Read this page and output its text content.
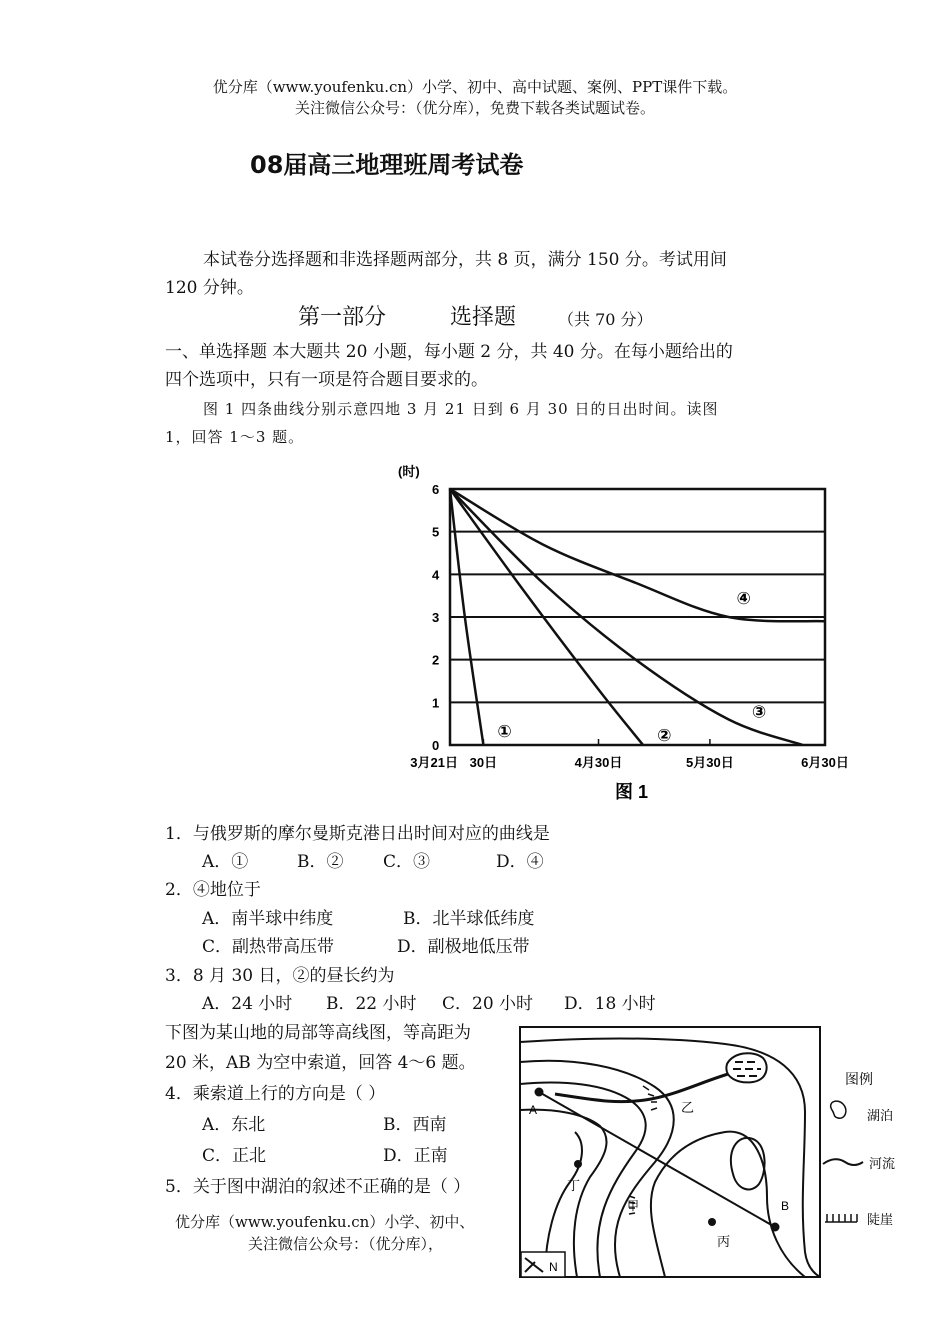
优分库（www.youfenku.cn）小学、初中、高中试题、案例、PPT课件下载。
关注微信公众号：（优分库），免费下载各类试题试卷。
08届高三地理班周考试卷
本试卷分选择题和非选择题两部分，共 8 页，满分 150 分。考试用间
120 分钟。
第一部分	选择题	（共 70 分）
一、单选择题 本大题共 20 小题，每小题 2 分，共 40 分。在每小题给出的
四个选项中，只有一项是符合题目要求的。
图 1 四条曲线分别示意四地 3 月 21 日到 6 月 30 日的日出时间。读图
1，回答 1～3 题。
0
1
2
3
4
5
6
3月21日 30日	4月30日	5月30日	6月30日
①	②
③
④
(时)
图 1
1．与俄罗斯的摩尔曼斯克港日出时间对应的曲线是
A．①	B．② C．③	D．④
2．④地位于
A．南半球中纬度	B．北半球低纬度
C．副热带高压带	D．副极地低压带
3．8 月 30 日，②的昼长约为
A．24 小时 B．22 小时 C．20 小时 D．18 小时
下图为某山地的局部等高线图，等高距为
20 米，AB 为空中索道，回答 4～6 题。
4．乘索道上行的方向是（ ）
A．东北	B．西南
C．正北	D．正南
5．关于图中湖泊的叙述不正确的是（ ）
优分库（www.youfenku.cn）小学、初中、
关注微信公众号：（优分库），
A
B
乙
甲
丁
丙
N
图例
湖泊
河流
陡崖
